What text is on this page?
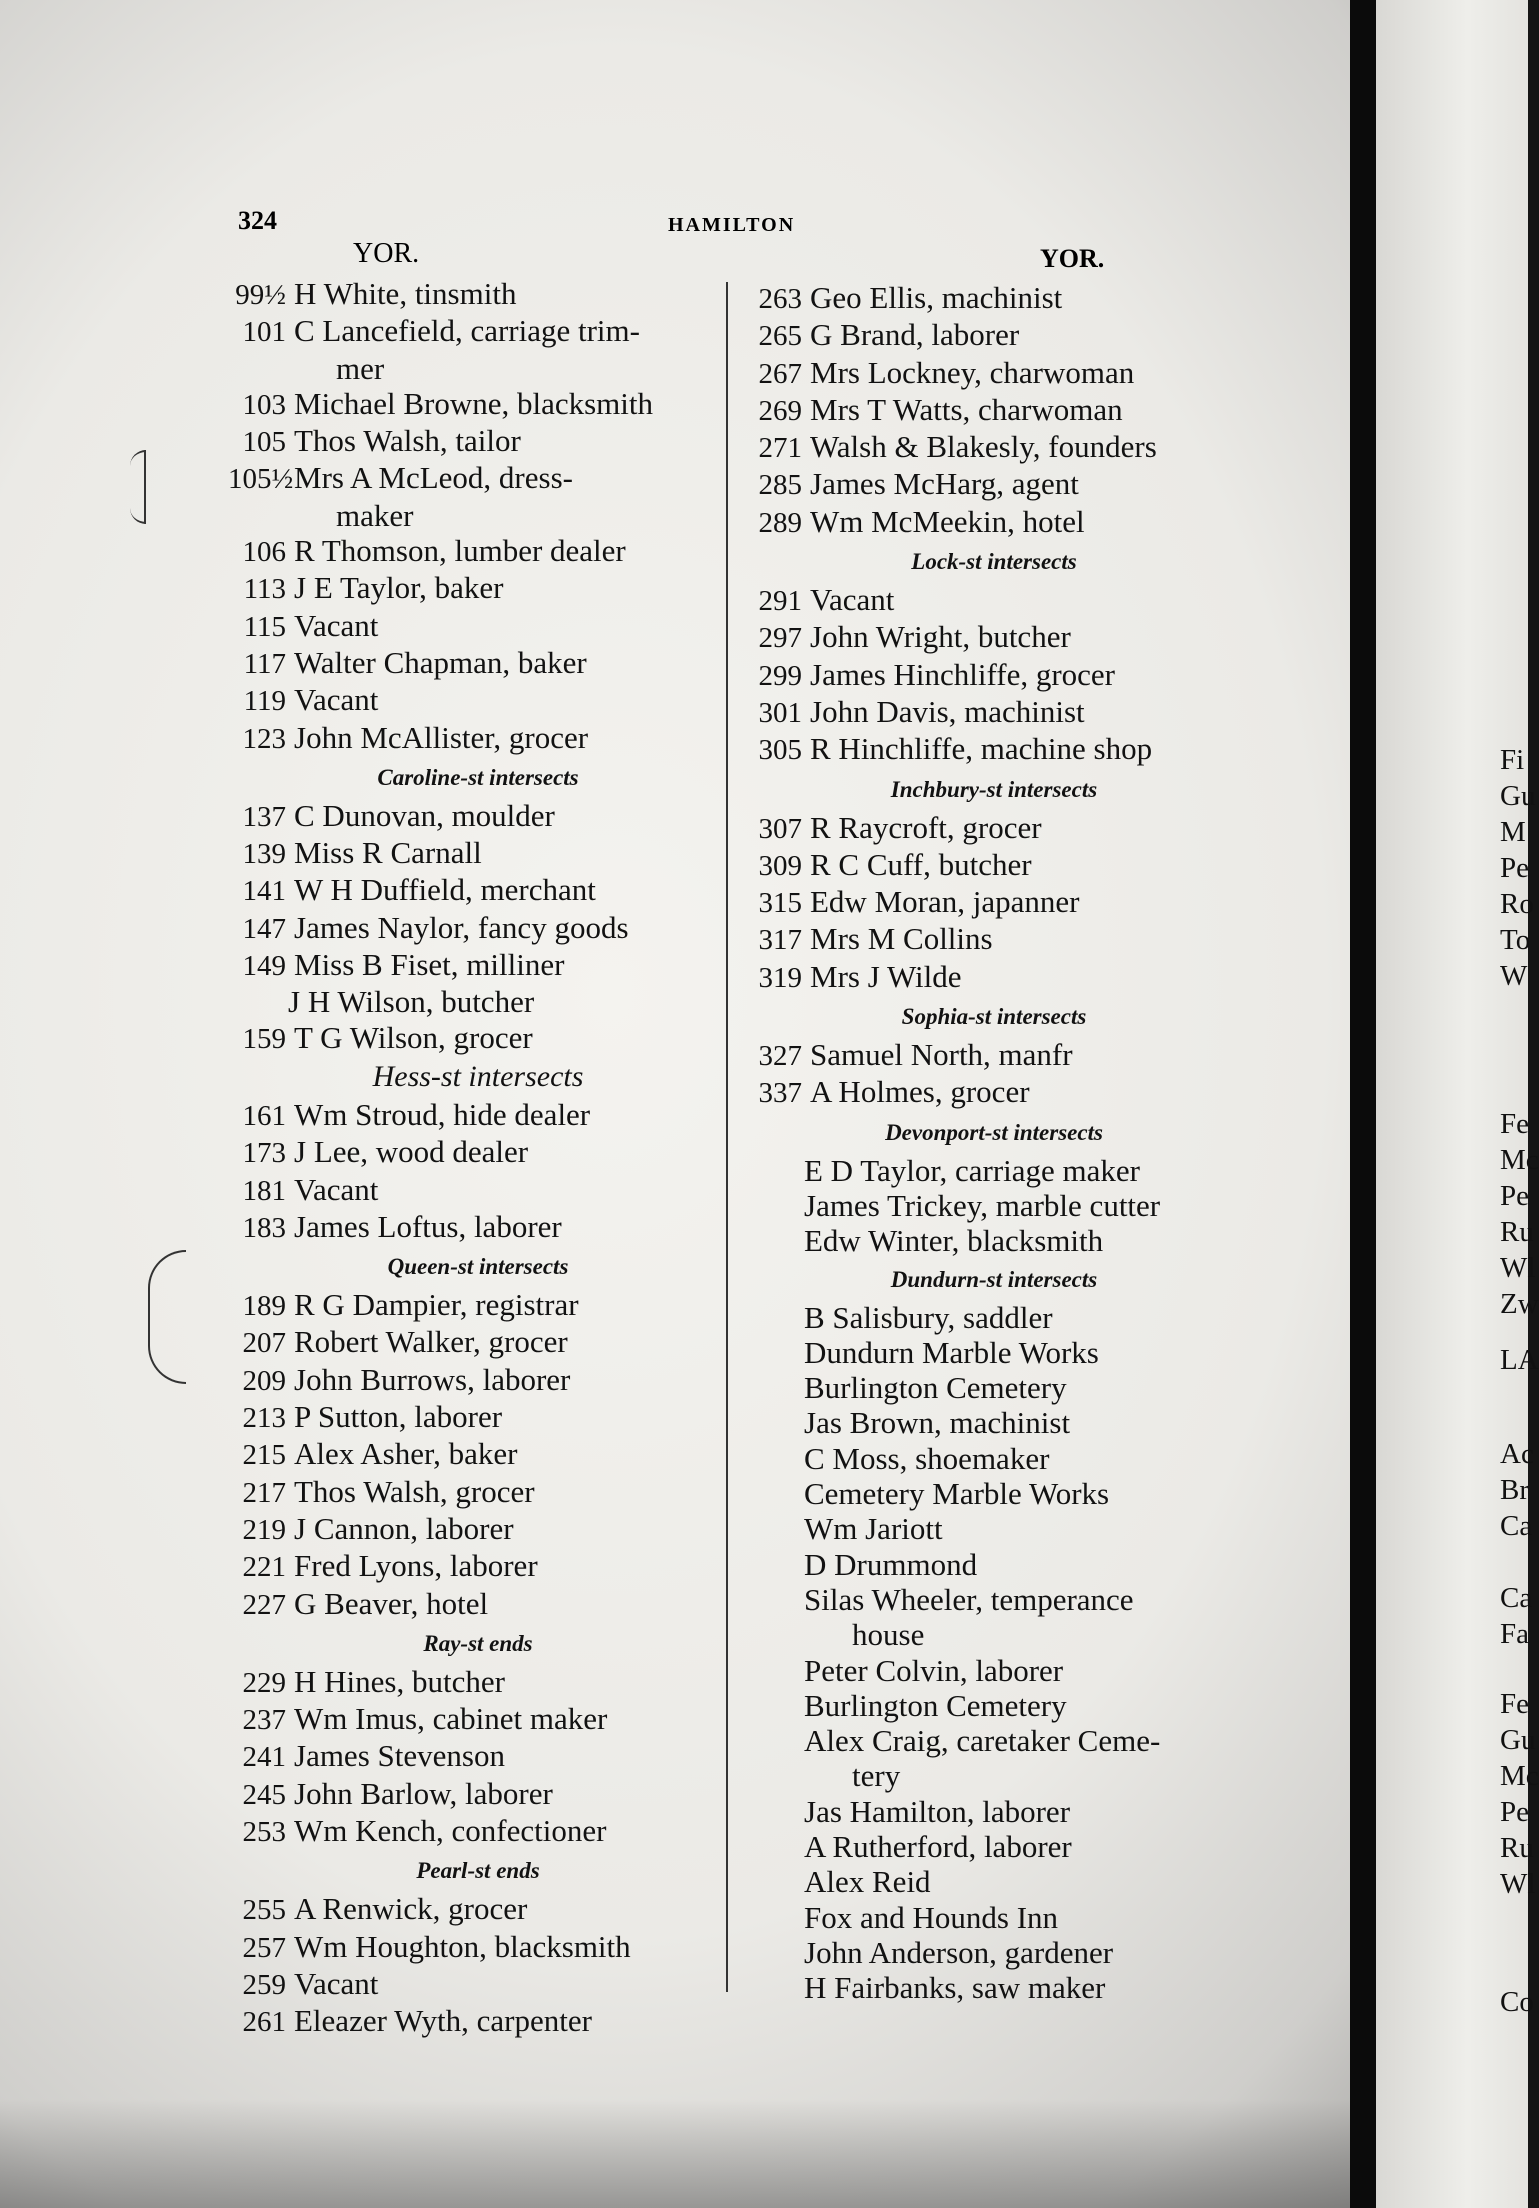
324	HAMILTON
YOR.	YOR.
99½ H White, tinsmith
101 C Lancefield, carriage trim-
mer
103 Michael Browne, blacksmith
105 Thos Walsh, tailor
105½ Mrs A McLeod, dress-
maker
106 R Thomson, lumber dealer
113 J E Taylor, baker
115 Vacant
117 Walter Chapman, baker
119 Vacant
123 John McAllister, grocer
Caroline-st intersects
137 C Dunovan, moulder
139 Miss R Carnall
141 W H Duffield, merchant
147 James Naylor, fancy goods
149 Miss B Fiset, milliner
J H Wilson, butcher
159 T G Wilson, grocer
Hess-st intersects
161 Wm Stroud, hide dealer
173 J Lee, wood dealer
181 Vacant
183 James Loftus, laborer
Queen-st intersects
189 R G Dampier, registrar
207 Robert Walker, grocer
209 John Burrows, laborer
213 P Sutton, laborer
215 Alex Asher, baker
217 Thos Walsh, grocer
219 J Cannon, laborer
221 Fred Lyons, laborer
227 G Beaver, hotel
Ray-st ends
229 H Hines, butcher
237 Wm Imus, cabinet maker
241 James Stevenson
245 John Barlow, laborer
253 Wm Kench, confectioner
Pearl-st ends
255 A Renwick, grocer
257 Wm Houghton, blacksmith
259 Vacant
261 Eleazer Wyth, carpenter
263 Geo Ellis, machinist
265 G Brand, laborer
267 Mrs Lockney, charwoman
269 Mrs T Watts, charwoman
271 Walsh & Blakesly, founders
285 James McHarg, agent
289 Wm McMeekin, hotel
Lock-st intersects
291 Vacant
297 John Wright, butcher
299 James Hinchliffe, grocer
301 John Davis, machinist
305 R Hinchliffe, machine shop
Inchbury-st intersects
307 R Raycroft, grocer
309 R C Cuff, butcher
315 Edw Moran, japanner
317 Mrs M Collins
319 Mrs J Wilde
Sophia-st intersects
327 Samuel North, manfr
337 A Holmes, grocer
Devonport-st intersects
E D Taylor, carriage maker
James Trickey, marble cutter
Edw Winter, blacksmith
Dundurn-st intersects
B Salisbury, saddler
Dundurn Marble Works
Burlington Cemetery
Jas Brown, machinist
C Moss, shoemaker
Cemetery Marble Works
Wm Jariott
D Drummond
Silas Wheeler, temperance
house
Peter Colvin, laborer
Burlington Cemetery
Alex Craig, caretaker Ceme-
tery
Jas Hamilton, laborer
A Rutherford, laborer
Alex Reid
Fox and Hounds Inn
John Anderson, gardener
H Fairbanks, saw maker
Fi
Gu
M
Pe
Ro
To
W
Fe
Mc
Pe
Ru
Wl
Zw
LA
Ac
Br
Ca
Ca
Fa
Fe
Gu
Mc
Pe
Ru
Wl
Co
